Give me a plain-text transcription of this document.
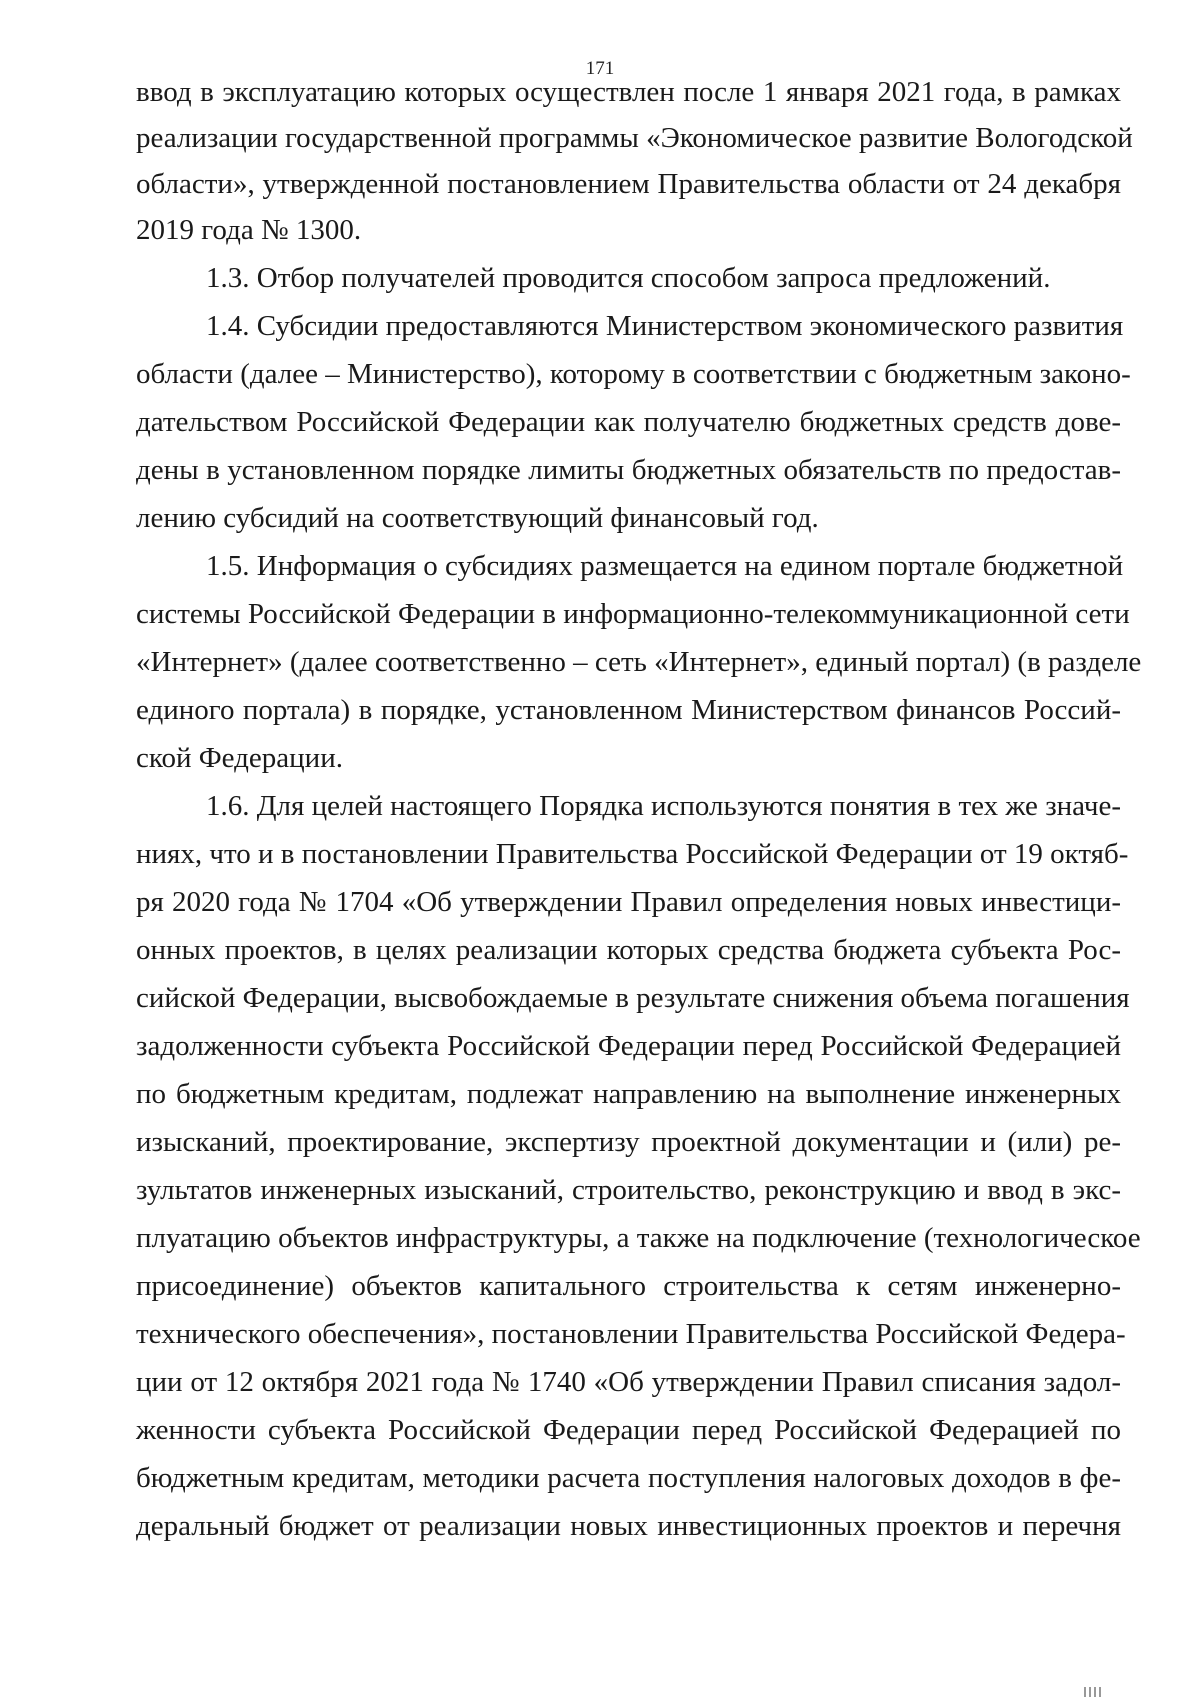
171
ввод в эксплуатацию которых осуществлен после 1 января 2021 года, в рамках
реализации государственной программы «Экономическое развитие Вологодской
области», утвержденной постановлением Правительства области от 24 декабря
2019 года № 1300.
1.3. Отбор получателей проводится способом запроса предложений.
1.4. Субсидии предоставляются Министерством экономического развития
области (далее – Министерство), которому в соответствии с бюджетным законо-
дательством Российской Федерации как получателю бюджетных средств дове-
дены в установленном порядке лимиты бюджетных обязательств по предостав-
лению субсидий на соответствующий финансовый год.
1.5. Информация о субсидиях размещается на едином портале бюджетной
системы Российской Федерации в информационно-телекоммуникационной сети
«Интернет» (далее соответственно – сеть «Интернет», единый портал) (в разделе
единого портала) в порядке, установленном Министерством финансов Россий-
ской Федерации.
1.6. Для целей настоящего Порядка используются понятия в тех же значе-
ниях, что и в постановлении Правительства Российской Федерации от 19 октяб-
ря 2020 года № 1704 «Об утверждении Правил определения новых инвестици-
онных проектов, в целях реализации которых средства бюджета субъекта Рос-
сийской Федерации, высвобождаемые в результате снижения объема погашения
задолженности субъекта Российской Федерации перед Российской Федерацией
по бюджетным кредитам, подлежат направлению на выполнение инженерных
изысканий, проектирование, экспертизу проектной документации и (или) ре-
зультатов инженерных изысканий, строительство, реконструкцию и ввод в экс-
плуатацию объектов инфраструктуры, а также на подключение (технологическое
присоединение) объектов капитального строительства к сетям инженерно-
технического обеспечения», постановлении Правительства Российской Федера-
ции от 12 октября 2021 года № 1740 «Об утверждении Правил списания задол-
женности субъекта Российской Федерации перед Российской Федерацией по
бюджетным кредитам, методики расчета поступления налоговых доходов в фе-
деральный бюджет от реализации новых инвестиционных проектов и перечня
